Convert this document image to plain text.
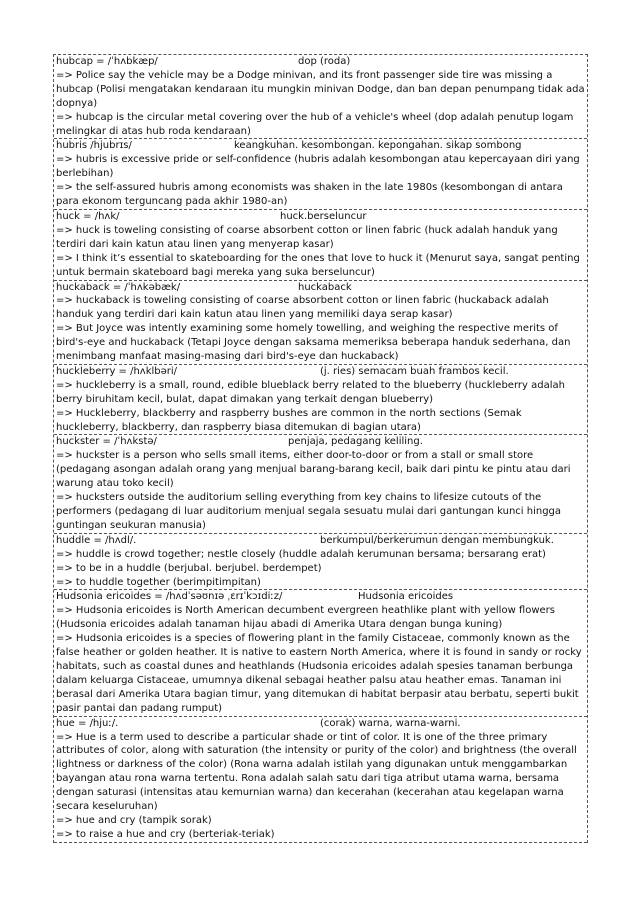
hubcap = /ˈhʌbkæp/	dop (roda)
=> Police say the vehicle may be a Dodge minivan, and its front passenger side tire was missing a hubcap (Polisi mengatakan kendaraan itu mungkin minivan Dodge, dan ban depan penumpang tidak ada dopnya)
=> hubcap is the circular metal covering over the hub of a vehicle's wheel (dop adalah penutup logam melingkar di atas hub roda kendaraan)
hubris /hjubrɪs/	keangkuhan. kesombongan. kepongahan. sikap sombong
=> hubris is excessive pride or self-confidence (hubris adalah kesombongan atau kepercayaan diri yang berlebihan)
=> the self-assured hubris among economists was shaken in the late 1980s (kesombongan di antara para ekonom terguncang pada akhir 1980-an)
huck = /hʌk/	huck.berseluncur
=> huck is toweling consisting of coarse absorbent cotton or linen fabric (huck adalah handuk yang terdiri dari kain katun atau linen yang menyerap kasar)
=> I think it’s essential to skateboarding for the ones that love to huck it (Menurut saya, sangat penting untuk bermain skateboard bagi mereka yang suka berseluncur)
huckaback = /ˈhʌkəbæk/	huckaback
=> huckaback is toweling consisting of coarse absorbent cotton or linen fabric (huckaback adalah handuk yang terdiri dari kain katun atau linen yang memiliki daya serap kasar)
=> But Joyce was intently examining some homely towelling, and weighing the respective merits of bird's-eye and huckaback (Tetapi Joyce dengan saksama memeriksa beberapa handuk sederhana, dan menimbang manfaat masing-masing dari bird's-eye dan huckaback)
huckleberry = /hʌklbəri/	(j. ries) semacam buah frambos kecil.
=> huckleberry is a small, round, edible blueblack berry related to the blueberry (huckleberry adalah berry biruhitam kecil, bulat, dapat dimakan yang terkait dengan blueberry)
=> Huckleberry, blackberry and raspberry bushes are common in the north sections (Semak huckleberry, blackberry, dan raspberry biasa ditemukan di bagian utara)
huckster = /ˈhʌkstə/	penjaja, pedagang keliling.
=> huckster is a person who sells small items, either door-to-door or from a stall or small store (pedagang asongan adalah orang yang menjual barang-barang kecil, baik dari pintu ke pintu atau dari warung atau toko kecil)
=> hucksters outside the auditorium selling everything from key chains to lifesize cutouts of the performers (pedagang di luar auditorium menjual segala sesuatu mulai dari gantungan kunci hingga guntingan seukuran manusia)
huddle = /hʌdl/.	berkumpul/berkerumun dengan membungkuk.
=> huddle is crowd together; nestle closely (huddle adalah kerumunan bersama; bersarang erat)
=> to be in a huddle (berjubal. berjubel. berdempet)
=> to huddle together (berimpitimpitan)
Hudsonia ericoides = /hʌdˈsəʊnɪə ˌɛrɪˈkɔɪdiːz/	Hudsonia ericoides
=> Hudsonia ericoides is North American decumbent evergreen heathlike plant with yellow flowers (Hudsonia ericoides adalah tanaman hijau abadi di Amerika Utara dengan bunga kuning)
=> Hudsonia ericoides is a species of flowering plant in the family Cistaceae, commonly known as the false heather or golden heather. It is native to eastern North America, where it is found in sandy or rocky habitats, such as coastal dunes and heathlands (Hudsonia ericoides adalah spesies tanaman berbunga dalam keluarga Cistaceae, umumnya dikenal sebagai heather palsu atau heather emas. Tanaman ini berasal dari Amerika Utara bagian timur, yang ditemukan di habitat berpasir atau berbatu, seperti bukit pasir pantai dan padang rumput)
hue = /hjuː/.	(corak) warna, warna-warni.
=> Hue is a term used to describe a particular shade or tint of color. It is one of the three primary attributes of color, along with saturation (the intensity or purity of the color) and brightness (the overall lightness or darkness of the color) (Rona warna adalah istilah yang digunakan untuk menggambarkan bayangan atau rona warna tertentu. Rona adalah salah satu dari tiga atribut utama warna, bersama dengan saturasi (intensitas atau kemurnian warna) dan kecerahan (kecerahan atau kegelapan warna secara keseluruhan)
=> hue and cry (tampik sorak)
=> to raise a hue and cry (berteriak-teriak)
